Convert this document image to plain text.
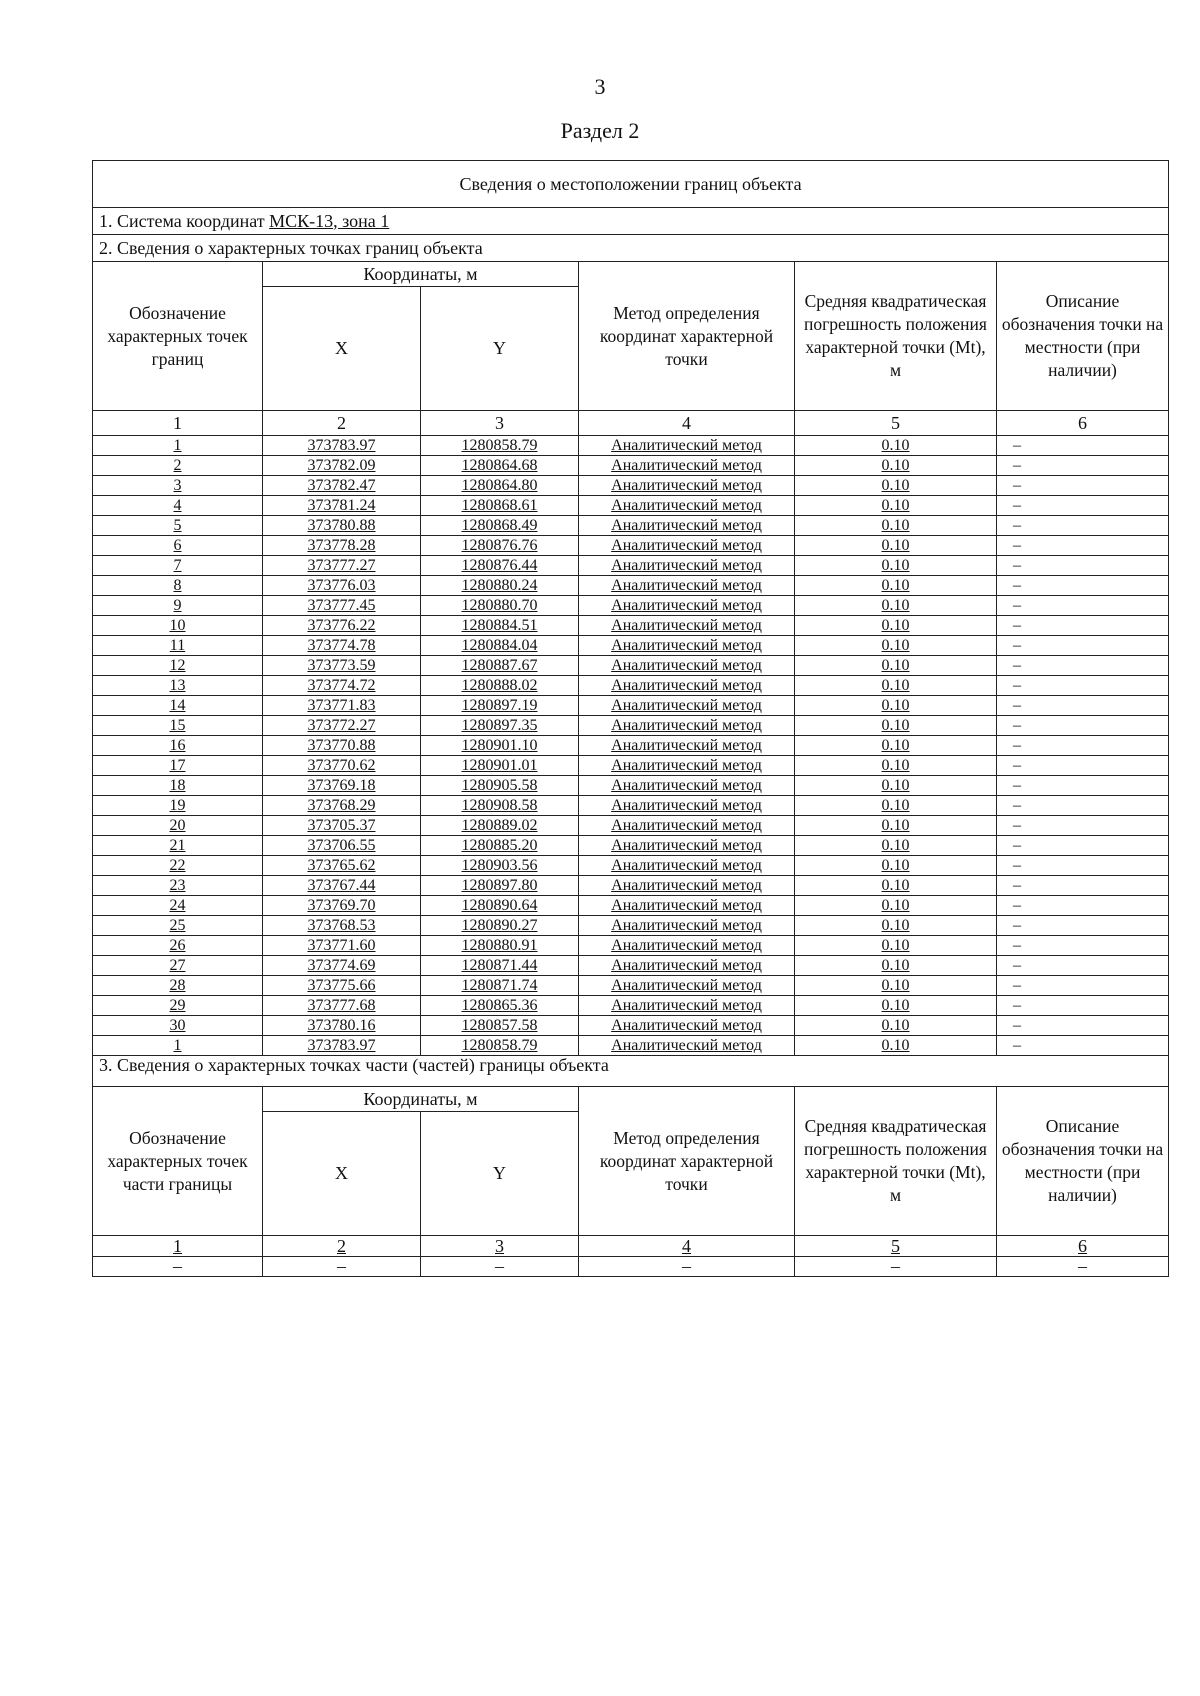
3
Раздел 2
Сведения о местоположении границ объекта					
1. Система координат МСК-13, зона 1					
2. Сведения о характерных точках границ объекта					
Обозначение характерных точек границ	Координаты, м		Метод определения координат характерной точки	Средняя квадратическая погрешность положения характерной точки (Mt), м	Описание обозначения точки на местности (при наличии)
	X	Y			
1	2	3	4	5	6
1	373783.97	1280858.79	Аналитический метод	0.10	–
2	373782.09	1280864.68	Аналитический метод	0.10	–
3	373782.47	1280864.80	Аналитический метод	0.10	–
4	373781.24	1280868.61	Аналитический метод	0.10	–
5	373780.88	1280868.49	Аналитический метод	0.10	–
6	373778.28	1280876.76	Аналитический метод	0.10	–
7	373777.27	1280876.44	Аналитический метод	0.10	–
8	373776.03	1280880.24	Аналитический метод	0.10	–
9	373777.45	1280880.70	Аналитический метод	0.10	–
10	373776.22	1280884.51	Аналитический метод	0.10	–
11	373774.78	1280884.04	Аналитический метод	0.10	–
12	373773.59	1280887.67	Аналитический метод	0.10	–
13	373774.72	1280888.02	Аналитический метод	0.10	–
14	373771.83	1280897.19	Аналитический метод	0.10	–
15	373772.27	1280897.35	Аналитический метод	0.10	–
16	373770.88	1280901.10	Аналитический метод	0.10	–
17	373770.62	1280901.01	Аналитический метод	0.10	–
18	373769.18	1280905.58	Аналитический метод	0.10	–
19	373768.29	1280908.58	Аналитический метод	0.10	–
20	373705.37	1280889.02	Аналитический метод	0.10	–
21	373706.55	1280885.20	Аналитический метод	0.10	–
22	373765.62	1280903.56	Аналитический метод	0.10	–
23	373767.44	1280897.80	Аналитический метод	0.10	–
24	373769.70	1280890.64	Аналитический метод	0.10	–
25	373768.53	1280890.27	Аналитический метод	0.10	–
26	373771.60	1280880.91	Аналитический метод	0.10	–
27	373774.69	1280871.44	Аналитический метод	0.10	–
28	373775.66	1280871.74	Аналитический метод	0.10	–
29	373777.68	1280865.36	Аналитический метод	0.10	–
30	373780.16	1280857.58	Аналитический метод	0.10	–
1	373783.97	1280858.79	Аналитический метод	0.10	–
3. Сведения о характерных точках части (частей) границы объекта					
Обозначение характерных точек части границы	Координаты, м		Метод определения координат характерной точки	Средняя квадратическая погрешность положения характерной точки (Mt), м	Описание обозначения точки на местности (при наличии)
	X	Y			
1	2	3	4	5	6
–	–	–	–	–	–
